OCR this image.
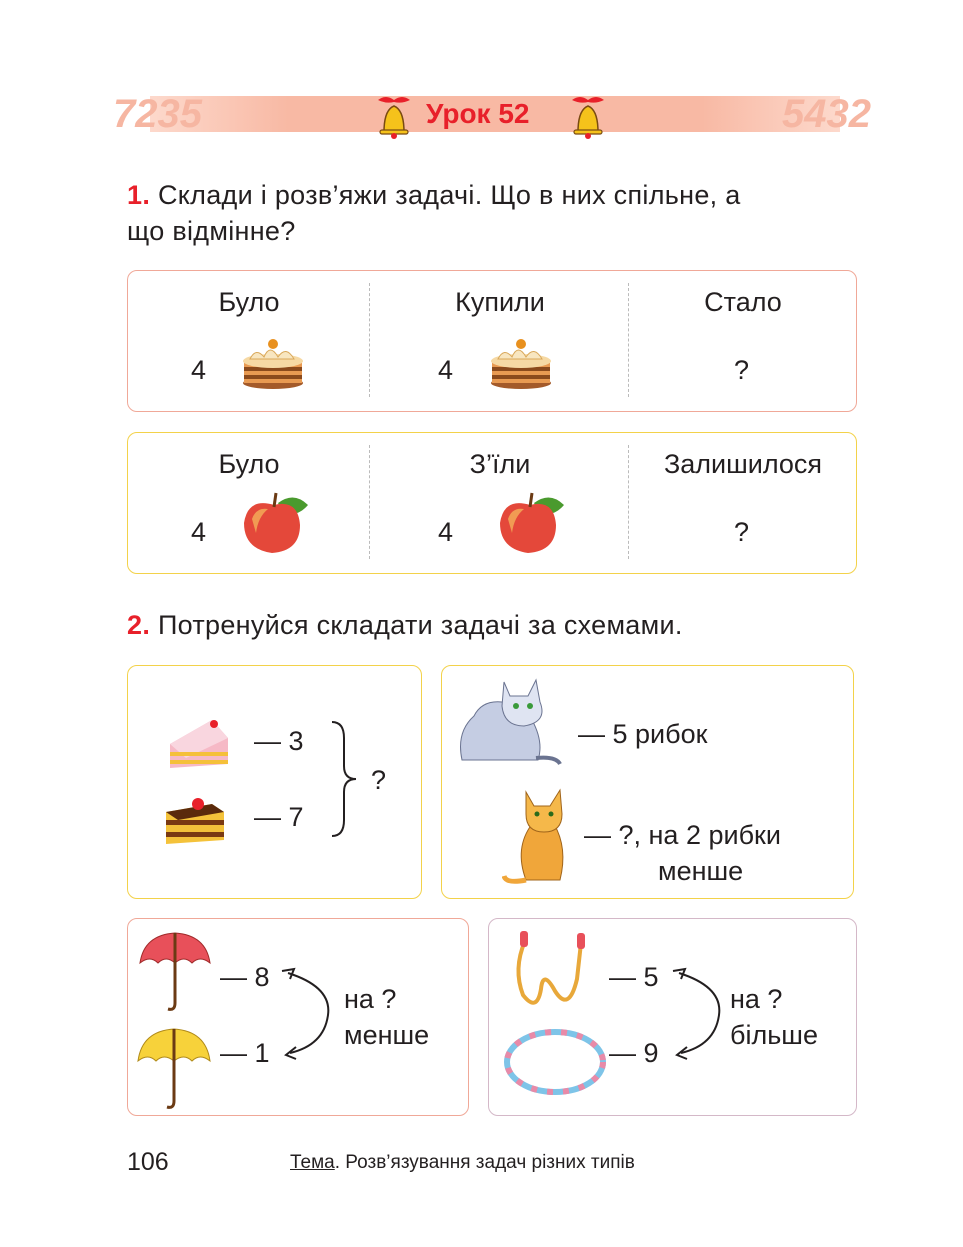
7235	5432
Урок 52
1. Склади і розв’яжи задачі. Що в них спільне, а
що відмінне?
Було
4
Купили
4
Стало
?
Було
4
З’їли
4
Залишилося
?
2. Потренуйся складати задачі за схемами.
— 3
— 7
?
— 5 рибок
— ?, на 2 рибки
менше
— 8
— 1
на ?
менше
— 5
— 9
на ?
більше
106	Тема. Розв’язування задач різних типів
